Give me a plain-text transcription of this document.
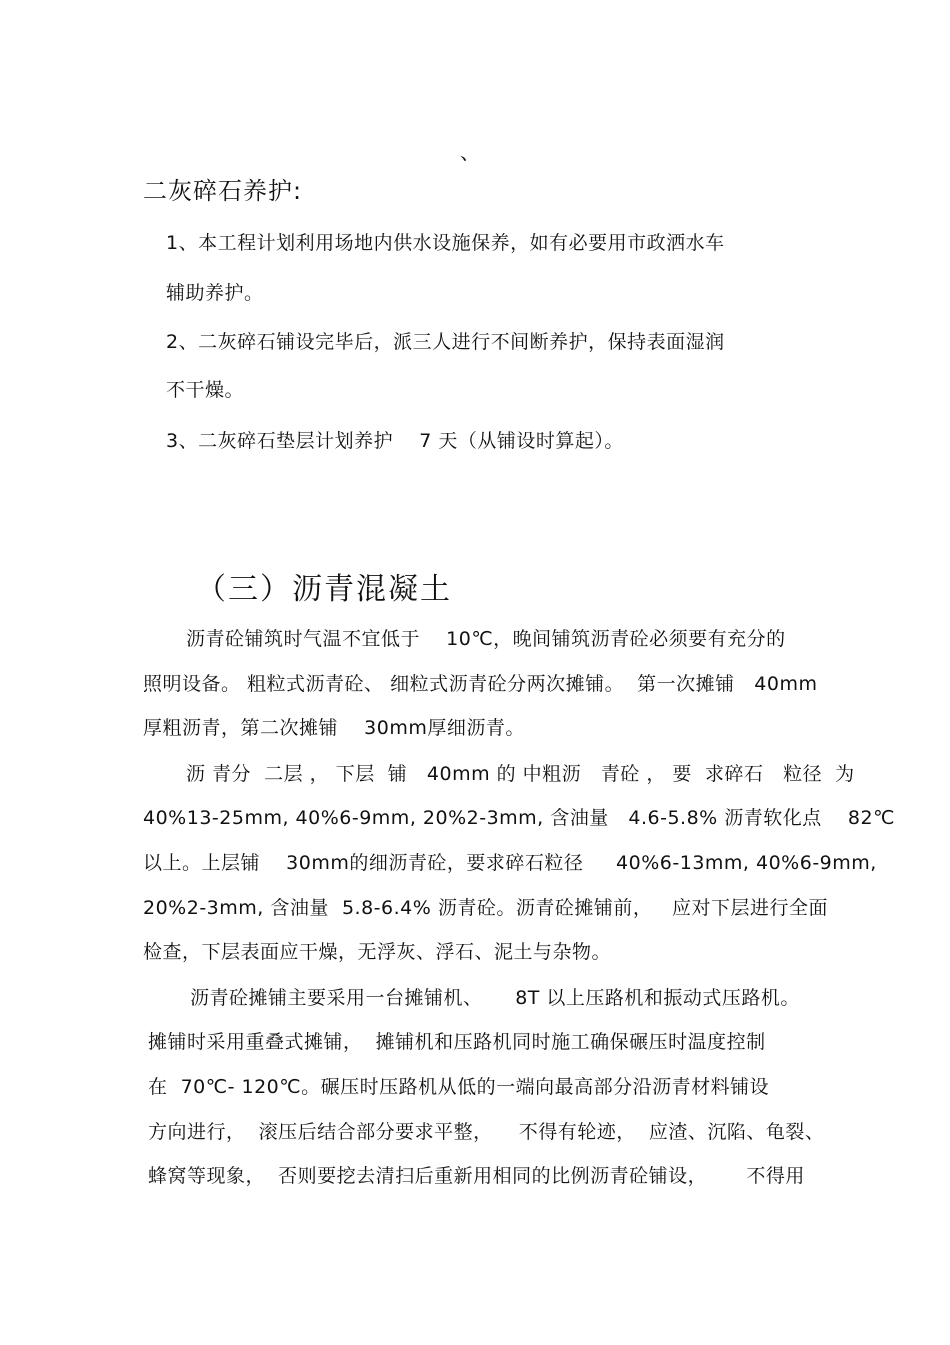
、
二灰碎石养护:
1、本工程计划利用场地内供水设施保养，如有必要用市政洒水车
辅助养护。
2、二灰碎石铺设完毕后，派三人进行不间断养护，保持表面湿润
不干燥。
3、二灰碎石垫层计划养护    7 天（从铺设时算起）。
（三）沥青混凝土
沥青砼铺筑时气温不宜低于    10℃，晚间铺筑沥青砼必须要有充分的
照明设备。 粗粒式沥青砼、 细粒式沥青砼分两次摊铺。  第一次摊铺   40mm
厚粗沥青，第二次摊铺    30mm厚细沥青。
沥 青分  二层 ， 下层  铺   40mm 的 中粗沥   青砼 ， 要  求碎石   粒径  为
40%13-25mm, 40%6-9mm, 20%2-3mm, 含油量   4.6-5.8% 沥青软化点    82℃
以上。上层铺    30mm的细沥青砼，要求碎石粒径     40%6-13mm, 40%6-9mm,
20%2-3mm, 含油量  5.8-6.4% 沥青砼。沥青砼摊铺前，   应对下层进行全面
检查，下层表面应干燥，无浮灰、浮石、泥土与杂物。
沥青砼摊铺主要采用一台摊铺机、     8T 以上压路机和振动式压路机。
摊铺时采用重叠式摊铺，  摊铺机和压路机同时施工确保碾压时温度控制
在  70℃- 120℃。碾压时压路机从低的一端向最高部分沿沥青材料铺设
方向进行，  滚压后结合部分要求平整，    不得有轮迹，  应渣、沉陷、龟裂、
蜂窝等现象，  否则要挖去清扫后重新用相同的比例沥青砼铺设，      不得用
